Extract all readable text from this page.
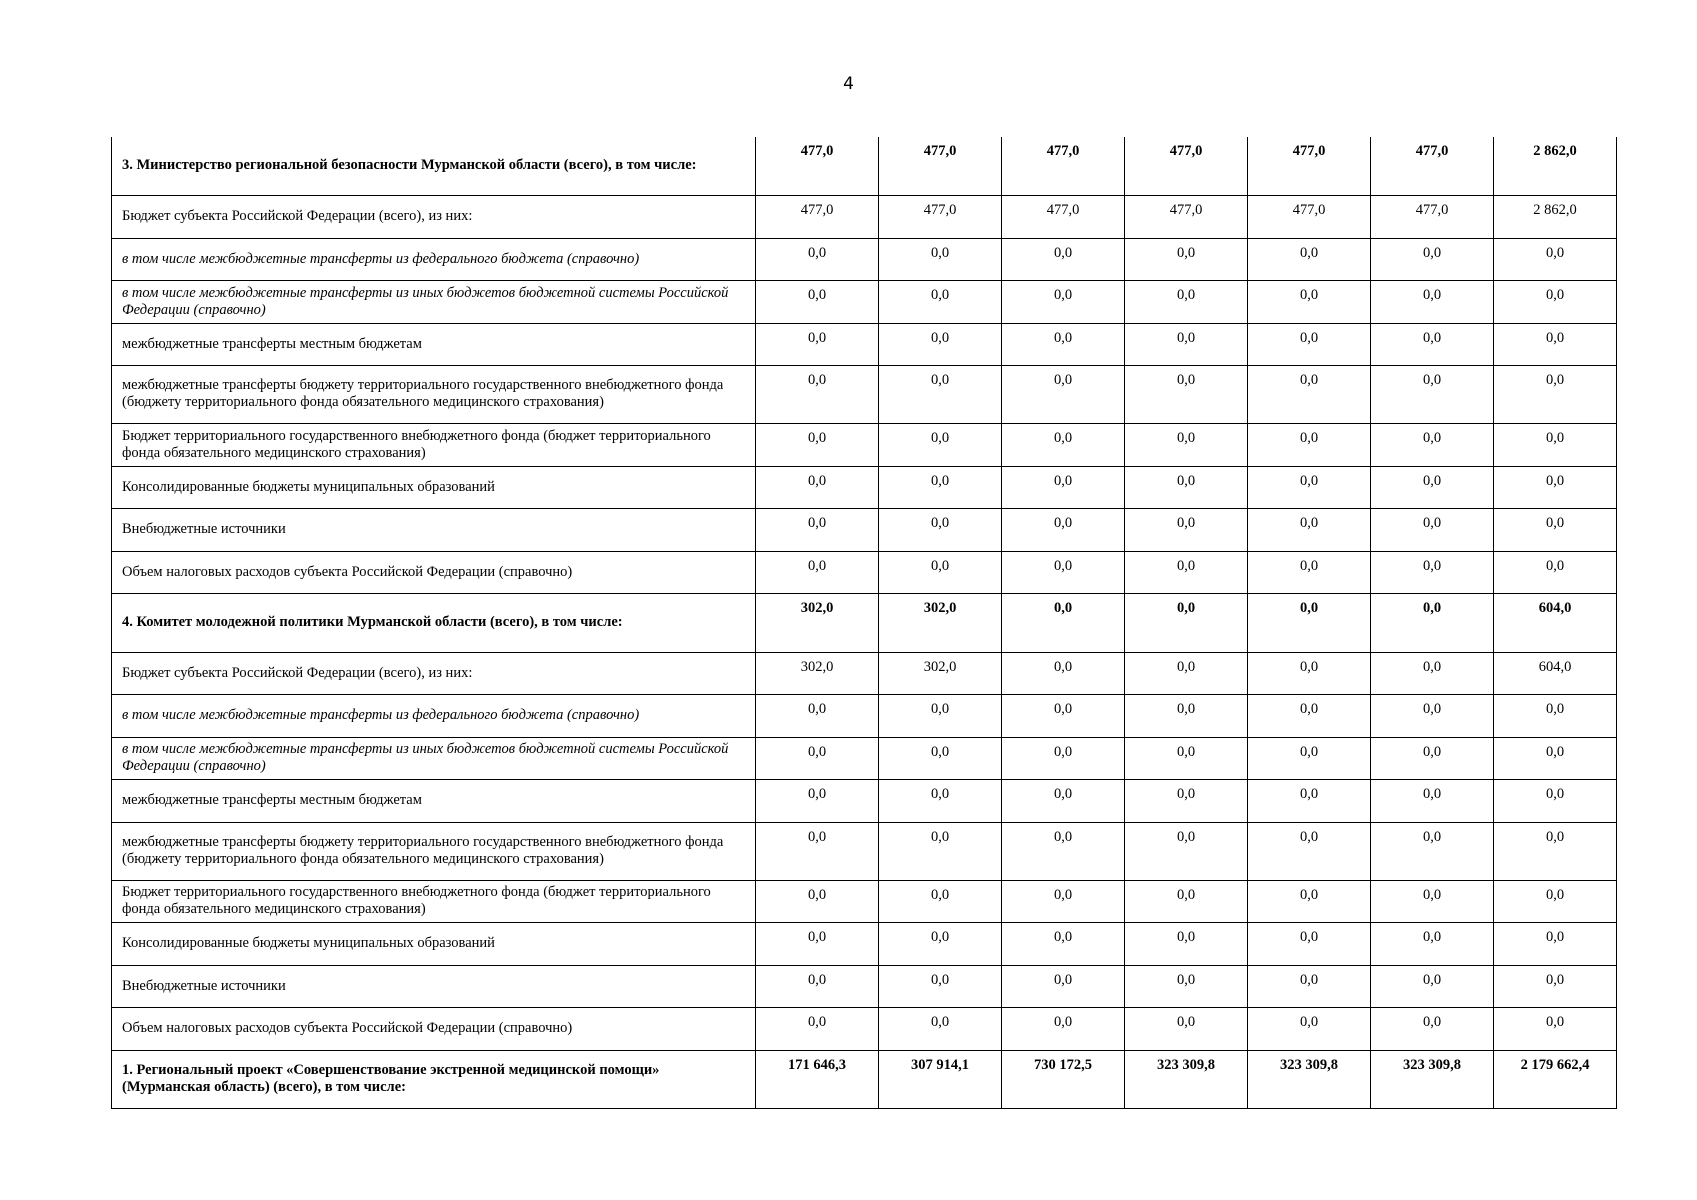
4
3. Министерство региональной безопасности Мурманской области (всего), в том числе:	477,0	477,0	477,0	477,0	477,0	477,0	2 862,0
Бюджет субъекта Российской Федерации (всего), из них:	477,0	477,0	477,0	477,0	477,0	477,0	2 862,0
в том числе межбюджетные трансферты из федерального бюджета (справочно)	0,0	0,0	0,0	0,0	0,0	0,0	0,0
в том числе межбюджетные трансферты из иных бюджетов бюджетной системы Российской Федерации (справочно)	0,0	0,0	0,0	0,0	0,0	0,0	0,0
межбюджетные трансферты местным бюджетам	0,0	0,0	0,0	0,0	0,0	0,0	0,0
межбюджетные трансферты бюджету территориального государственного внебюджетного фонда (бюджету территориального фонда обязательного медицинского страхования)	0,0	0,0	0,0	0,0	0,0	0,0	0,0
Бюджет территориального государственного внебюджетного фонда (бюджет территориального фонда обязательного медицинского страхования)	0,0	0,0	0,0	0,0	0,0	0,0	0,0
Консолидированные бюджеты муниципальных образований	0,0	0,0	0,0	0,0	0,0	0,0	0,0
Внебюджетные источники	0,0	0,0	0,0	0,0	0,0	0,0	0,0
Объем налоговых расходов субъекта Российской Федерации (справочно)	0,0	0,0	0,0	0,0	0,0	0,0	0,0
4. Комитет молодежной политики Мурманской области (всего), в том числе:	302,0	302,0	0,0	0,0	0,0	0,0	604,0
Бюджет субъекта Российской Федерации (всего), из них:	302,0	302,0	0,0	0,0	0,0	0,0	604,0
в том числе межбюджетные трансферты из федерального бюджета (справочно)	0,0	0,0	0,0	0,0	0,0	0,0	0,0
в том числе межбюджетные трансферты из иных бюджетов бюджетной системы Российской Федерации (справочно)	0,0	0,0	0,0	0,0	0,0	0,0	0,0
межбюджетные трансферты местным бюджетам	0,0	0,0	0,0	0,0	0,0	0,0	0,0
межбюджетные трансферты бюджету территориального государственного внебюджетного фонда (бюджету территориального фонда обязательного медицинского страхования)	0,0	0,0	0,0	0,0	0,0	0,0	0,0
Бюджет территориального государственного внебюджетного фонда (бюджет территориального фонда обязательного медицинского страхования)	0,0	0,0	0,0	0,0	0,0	0,0	0,0
Консолидированные бюджеты муниципальных образований	0,0	0,0	0,0	0,0	0,0	0,0	0,0
Внебюджетные источники	0,0	0,0	0,0	0,0	0,0	0,0	0,0
Объем налоговых расходов субъекта Российской Федерации (справочно)	0,0	0,0	0,0	0,0	0,0	0,0	0,0
1. Региональный проект «Совершенствование экстренной медицинской помощи» (Мурманская область) (всего), в том числе:	171 646,3	307 914,1	730 172,5	323 309,8	323 309,8	323 309,8	2 179 662,4
